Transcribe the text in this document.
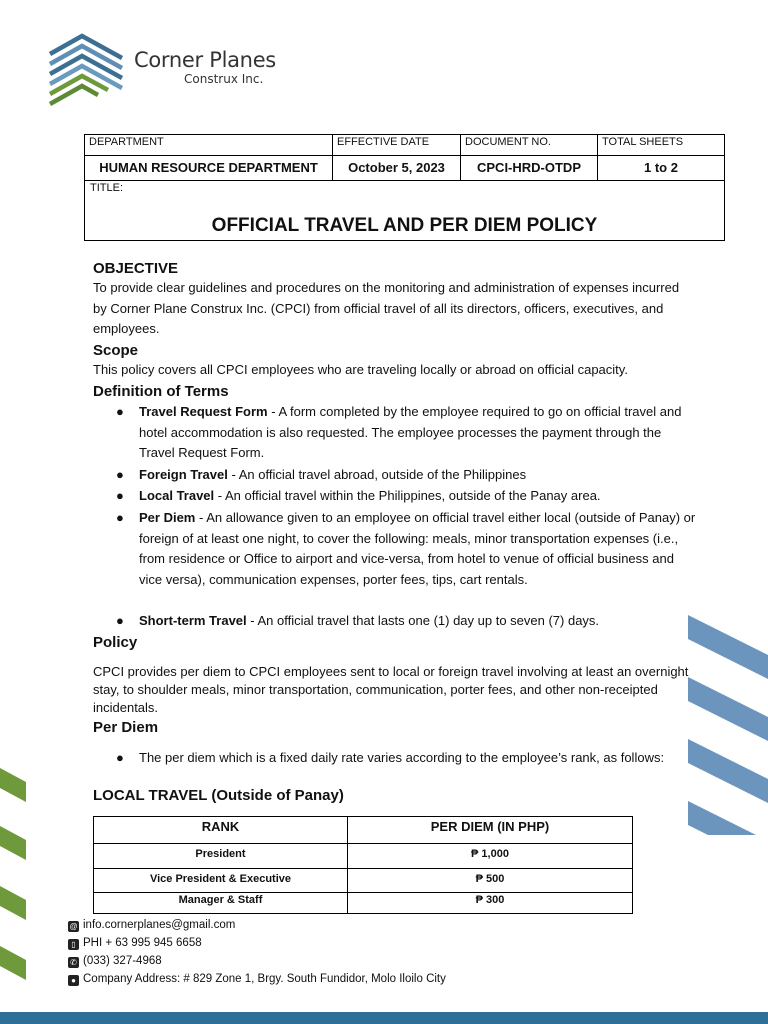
Corner Planes
Construx Inc.
DEPARTMENT	EFFECTIVE DATE	DOCUMENT NO.	TOTAL SHEETS
HUMAN RESOURCE DEPARTMENT	October 5, 2023	CPCI-HRD-OTDP	1 to 2
TITLE:
OFFICIAL TRAVEL AND PER DIEM POLICY
OBJECTIVE
To provide clear guidelines and procedures on the monitoring and administration of expenses incurred by Corner Plane Construx Inc. (CPCI) from official travel of all its directors, officers, executives, and employees.
Scope
This policy covers all CPCI employees who are traveling locally or abroad on official capacity.
Definition of Terms
● Travel Request Form - A form completed by the employee required to go on official travel and hotel accommodation is also requested. The employee processes the payment through the Travel Request Form.
● Foreign Travel - An official travel abroad, outside of the Philippines
● Local Travel - An official travel within the Philippines, outside of the Panay area.
● Per Diem - An allowance given to an employee on official travel either local (outside of Panay) or foreign of at least one night, to cover the following: meals, minor transportation expenses (i.e., from residence or Office to airport and vice-versa, from hotel to venue of official business and vice versa), communication expenses, porter fees, tips, cart rentals.
● Short-term Travel - An official travel that lasts one (1) day up to seven (7) days.
Policy
CPCI provides per diem to CPCI employees sent to local or foreign travel involving at least an overnight stay, to shoulder meals, minor transportation, communication, porter fees, and other non-receipted incidentals.
Per Diem
● The per diem which is a fixed daily rate varies according to the employee’s rank, as follows:
LOCAL TRAVEL (Outside of Panay)
RANK	PER DIEM (IN PHP)
President	₱ 1,000
Vice President & Executive	₱ 500
Manager & Staff	₱ 300
@ info.cornerplanes@gmail.com
▯ PHI + 63 995 945 6658
✆ (033) 327-4968
● Company Address: # 829 Zone 1, Brgy. South Fundidor, Molo Iloilo City
